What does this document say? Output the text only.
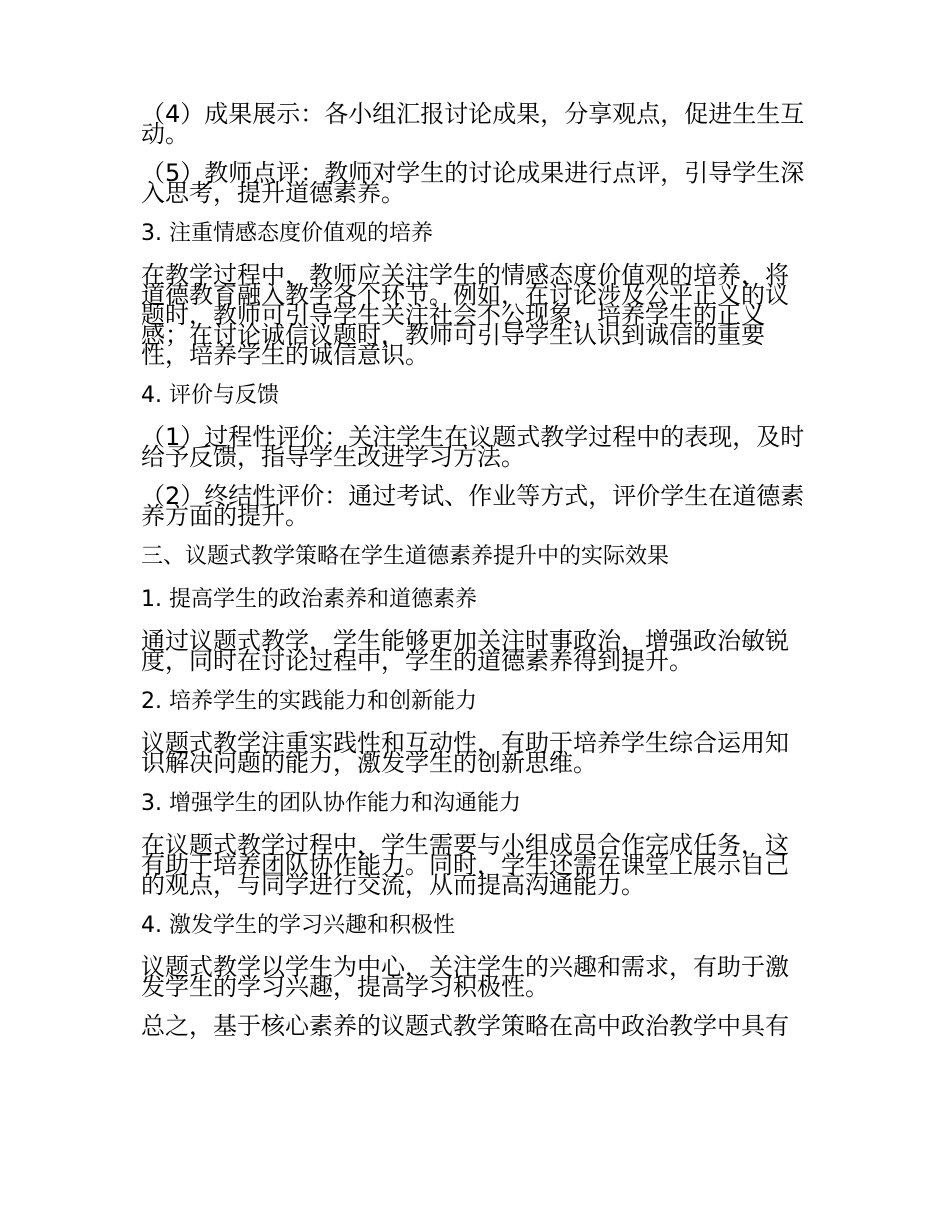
（4）成果展示：各小组汇报讨论成果，分享观点，促进生生互动。

（5）教师点评：教师对学生的讨论成果进行点评，引导学生深入思考，提升道德素养。

3. 注重情感态度价值观的培养

在教学过程中，教师应关注学生的情感态度价值观的培养，将道德教育融入教学各个环节。例如，在讨论涉及公平正义的议题时，教师可引导学生关注社会不公现象，培养学生的正义感；在讨论诚信议题时，教师可引导学生认识到诚信的重要性，培养学生的诚信意识。

4. 评价与反馈

（1）过程性评价：关注学生在议题式教学过程中的表现，及时给予反馈，指导学生改进学习方法。

（2）终结性评价：通过考试、作业等方式，评价学生在道德素养方面的提升。

三、议题式教学策略在学生道德素养提升中的实际效果

1. 提高学生的政治素养和道德素养

通过议题式教学，学生能够更加关注时事政治，增强政治敏锐度，同时在讨论过程中，学生的道德素养得到提升。

2. 培养学生的实践能力和创新能力

议题式教学注重实践性和互动性，有助于培养学生综合运用知识解决问题的能力，激发学生的创新思维。

3. 增强学生的团队协作能力和沟通能力

在议题式教学过程中，学生需要与小组成员合作完成任务，这有助于培养团队协作能力。同时，学生还需在课堂上展示自己的观点，与同学进行交流，从而提高沟通能力。

4. 激发学生的学习兴趣和积极性

议题式教学以学生为中心，关注学生的兴趣和需求，有助于激发学生的学习兴趣，提高学习积极性。

总之，基于核心素养的议题式教学策略在高中政治教学中具有
